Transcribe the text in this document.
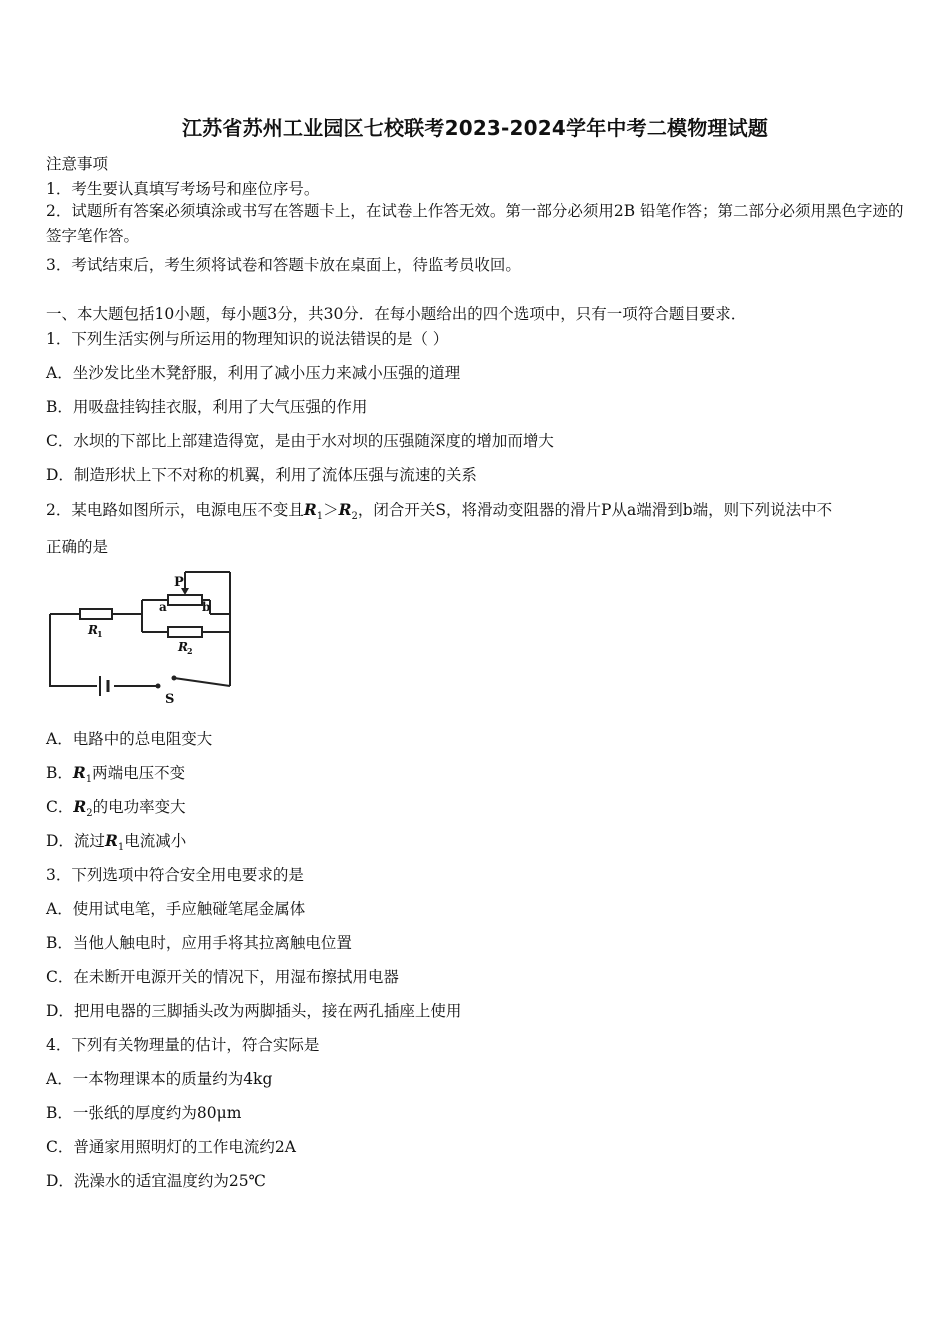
江苏省苏州工业园区七校联考2023-2024学年中考二模物理试题
注意事项
1．考生要认真填写考场号和座位序号。
2．试题所有答案必须填涂或书写在答题卡上，在试卷上作答无效。第一部分必须用2B 铅笔作答；第二部分必须用黑色字迹的签字笔作答。
3．考试结束后，考生须将试卷和答题卡放在桌面上，待监考员收回。
一、本大题包括10小题，每小题3分，共30分．在每小题给出的四个选项中，只有一项符合题目要求．
1．下列生活实例与所运用的物理知识的说法错误的是（ ）
A．坐沙发比坐木凳舒服，利用了减小压力来减小压强的道理
B．用吸盘挂钩挂衣服，利用了大气压强的作用
C．水坝的下部比上部建造得宽，是由于水对坝的压强随深度的增加而增大
D．制造形状上下不对称的机翼，利用了流体压强与流速的关系
2．某电路如图所示，电源电压不变且$R_1>R_2$，闭合开关S，将滑动变阻器的滑片P从a端滑到b端，则下列说法中不
正确的是
P
a	b
R 1
R 2
S
A．电路中的总电阻变大
B．$R_1$两端电压不变
C．$R_2$的电功率变大
D．流过$R_1$电流减小
3．下列选项中符合安全用电要求的是
A．使用试电笔，手应触碰笔尾金属体
B．当他人触电时，应用手将其拉离触电位置
C．在未断开电源开关的情况下，用湿布擦拭用电器
D．把用电器的三脚插头改为两脚插头，接在两孔插座上使用
4．下列有关物理量的估计，符合实际是
A．一本物理课本的质量约为4kg
B．一张纸的厚度约为80μm
C．普通家用照明灯的工作电流约2A
D．洗澡水的适宜温度约为25℃
